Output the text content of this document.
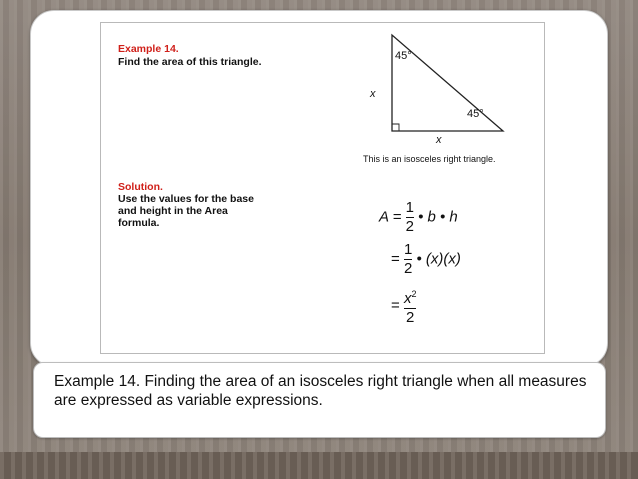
Example 14.
Find the area of this triangle.
Solution.
Use the values for the base
and height in the Area
formula.
45°
45°
x
x
This is an isosceles right triangle.
$A = \frac{1}{2}$ • b • h
= $\frac{1}{2}$ • (x)(x)
= $\frac{x^2}{2}$
Example 14. Finding the area of an isosceles right triangle when all measures are expressed as variable expressions.
